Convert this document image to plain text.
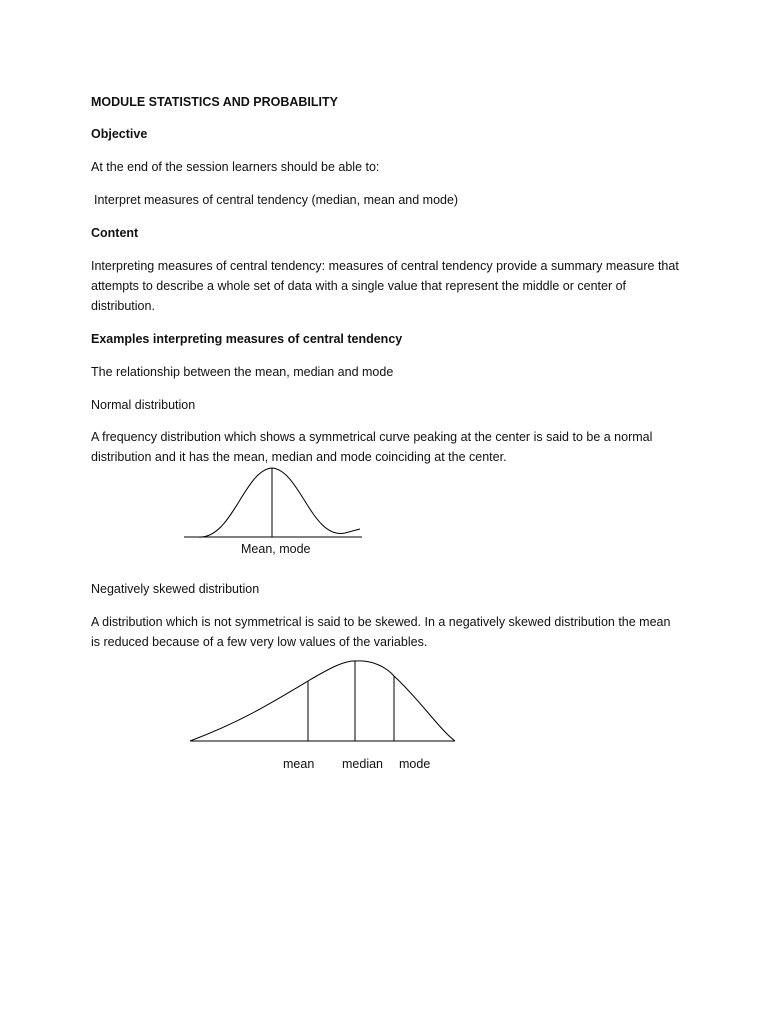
MODULE STATISTICS AND PROBABILITY
Objective
At the end of the session learners should be able to:
Interpret measures of central tendency (median, mean and mode)
Content
Interpreting measures of central tendency: measures of central tendency provide a summary measure that attempts to describe a whole set of data with a single value that represent the middle or center of distribution.
Examples interpreting measures of central tendency
The relationship between the mean, median and mode
Normal distribution
A frequency distribution which shows a symmetrical curve peaking at the center is said to be a normal distribution and it has the mean, median and mode coinciding at the center.
Mean, mode
Negatively skewed distribution
A distribution which is not symmetrical is said to be skewed. In a negatively skewed distribution the mean is reduced because of a few very low values of the variables.
mean median mode
